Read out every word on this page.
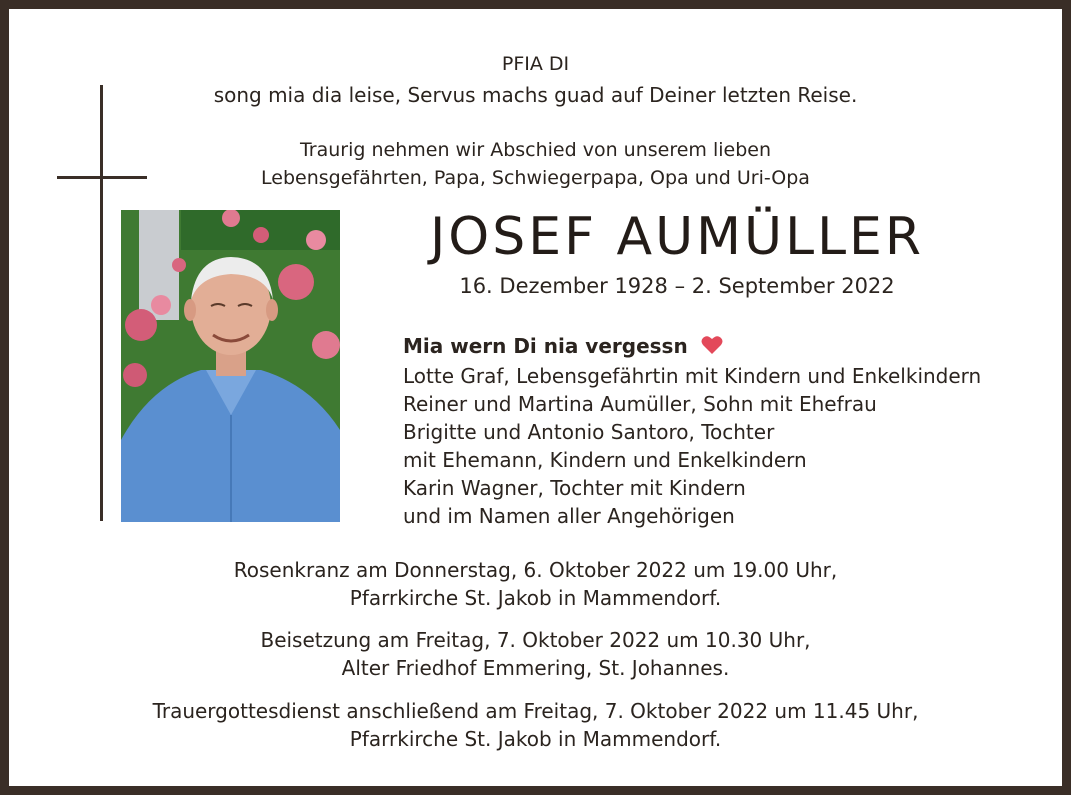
PFIA DI
song mia dia leise, Servus machs guad auf Deiner letzten Reise.
Traurig nehmen wir Abschied von unserem lieben
Lebensgefährten, Papa, Schwiegerpapa, Opa und Uri-Opa
JOSEF AUMÜLLER
16. Dezember 1928 – 2. September 2022
Mia wern Di nia vergessn
Lotte Graf, Lebensgefährtin mit Kindern und Enkelkindern
Reiner und Martina Aumüller, Sohn mit Ehefrau
Brigitte und Antonio Santoro, Tochter
mit Ehemann, Kindern und Enkelkindern
Karin Wagner, Tochter mit Kindern
und im Namen aller Angehörigen
Rosenkranz am Donnerstag, 6. Oktober 2022 um 19.00 Uhr,
Pfarrkirche St. Jakob in Mammendorf.
Beisetzung am Freitag, 7. Oktober 2022 um 10.30 Uhr,
Alter Friedhof Emmering, St. Johannes.
Trauergottesdienst anschließend am Freitag, 7. Oktober 2022 um 11.45 Uhr,
Pfarrkirche St. Jakob in Mammendorf.
